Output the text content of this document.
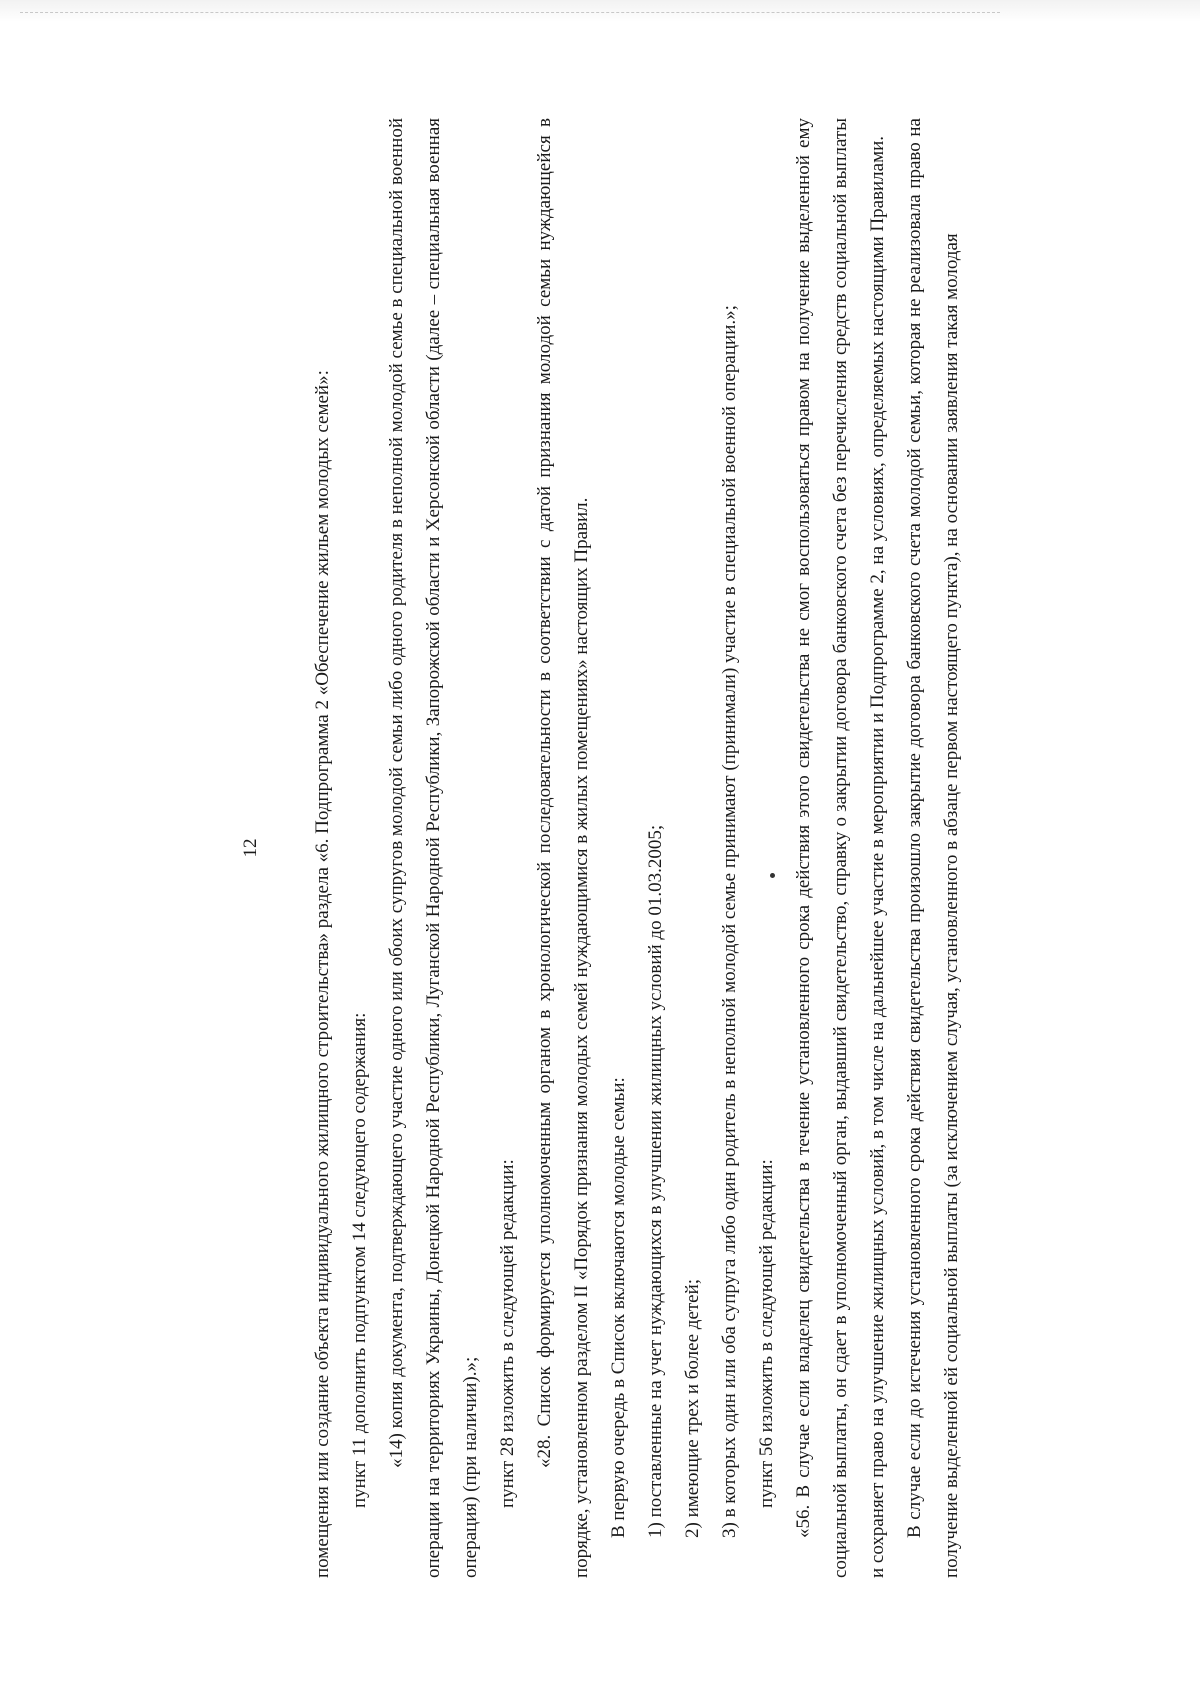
12	помещения или создание объекта индивидуального жилищного строительства» раздела «6. Подпрограмма 2 «Обеспечение жильем молодых семей»: пункт 11 дополнить подпунктом 14 следующего содержания: «14) копия документа, подтверждающего участие одного или обоих супругов молодой семьи либо одного родителя в неполной молодой семье в специальной военной операции на территориях Украины, Донецкой Народной Республики, Луганской Народной Республики, Запорожской области и Херсонской области (далее – специальная военная операция) (при наличии).»; пункт 28 изложить в следующей редакции: «28. Список формируется уполномоченным органом в хронологической последовательности в соответствии с датой признания молодой семьи нуждающейся в порядке, установленном разделом II «Порядок признания молодых семей нуждающимися в жилых помещениях» настоящих Правил. В первую очередь в Список включаются молодые семьи: 1) поставленные на учет нуждающихся в улучшении жилищных условий до 01.03.2005; 2) имеющие трех и более детей; 3) в которых один или оба супруга либо один родитель в неполной молодой семье принимают (принимали) участие в специальной военной операции.»; пункт 56 изложить в следующей редакции: «56. В случае если владелец свидетельства в течение установленного срока действия этого свидетельства не смог воспользоваться правом на получение выделенной ему социальной выплаты, он сдает в уполномоченный орган, выдавший свидетельство, справку о закрытии договора банковского счета без перечисления средств социальной выплаты и сохраняет право на улучшение жилищных условий, в том числе на дальнейшее участие в мероприятии и Подпрограмме 2, на условиях, определяемых настоящими Правилами. В случае если до истечения установленного срока действия свидетельства произошло закрытие договора банковского счета молодой семьи, которая не реализовала право на получение выделенной ей социальной выплаты (за исключением случая, установленного в абзаце первом настоящего пункта), на основании заявления такая молодая
